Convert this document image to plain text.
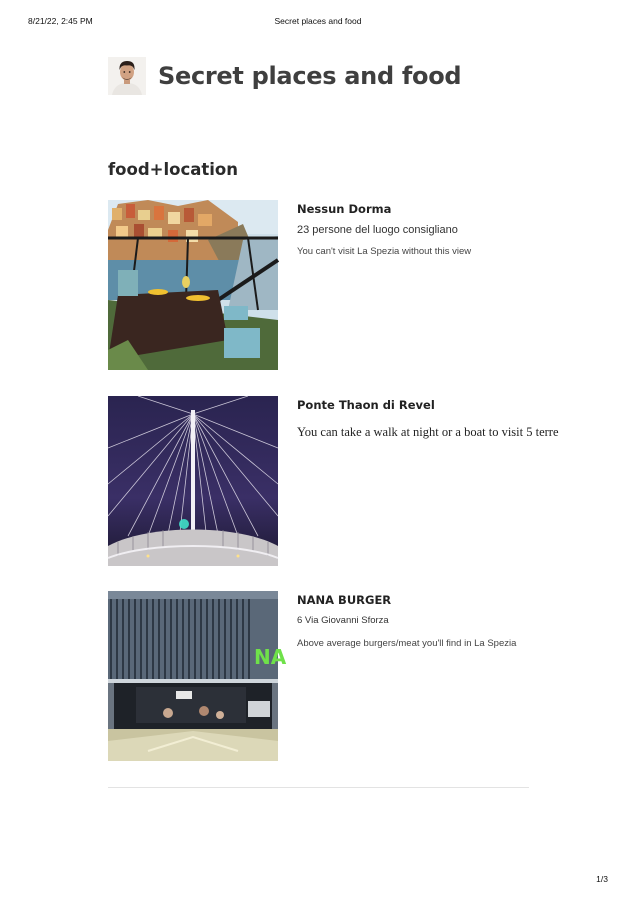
8/21/22, 2:45 PM	Secret places and food
Secret places and food
food+location

Nessun Dorma

23 persone del luogo consigliano

You can't visit La Spezia without this view

Ponte Thaon di Revel

You can take a walk at night or a boat to visit 5 terre

NA

NANA BURGER

6 Via Giovanni Sforza

Above average burgers/meat you'll find in La Spezia

1/3
